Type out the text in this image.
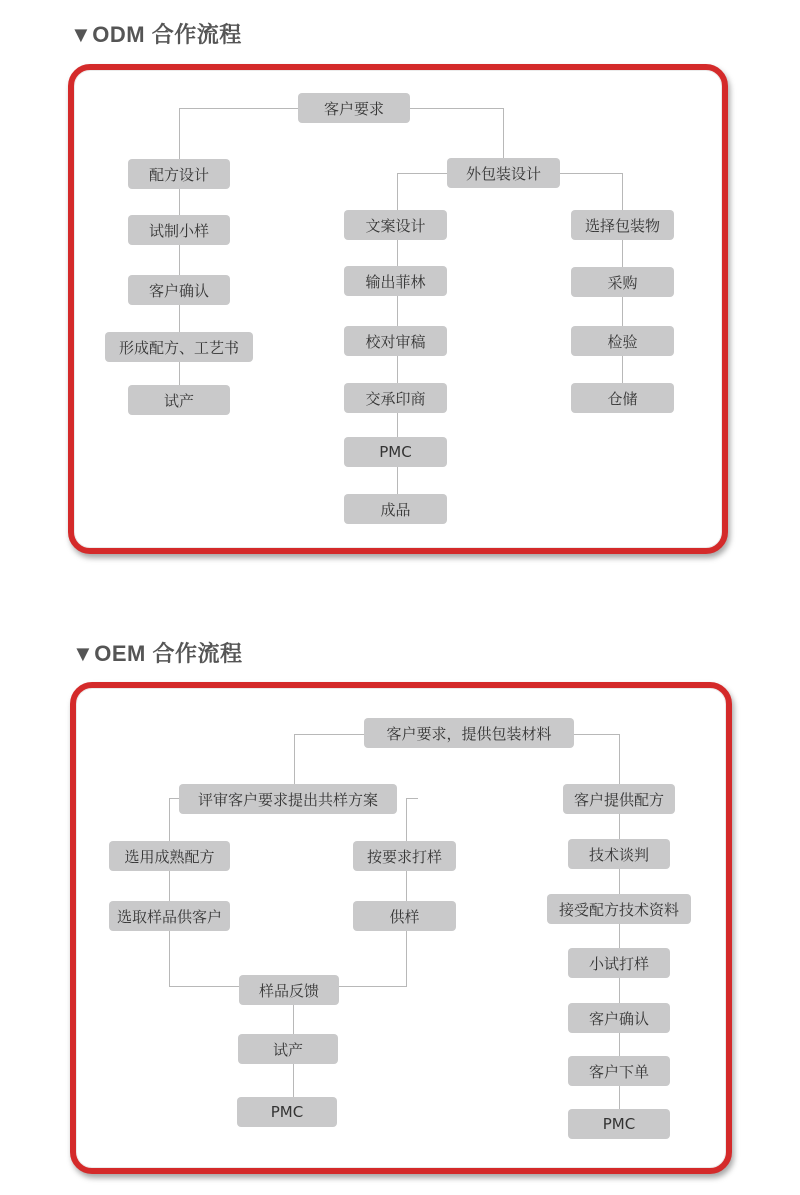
▼ODM 合作流程
客户要求
配方设计
试制小样
客户确认
形成配方、工艺书
试产
外包装设计
文案设计
输出菲林
校对审稿
交承印商
PMC
成品
选择包装物
采购
检验
仓储
▼OEM 合作流程
客户要求，提供包装材料
评审客户要求提出共样方案
选用成熟配方
选取样品供客户
按要求打样
供样
样品反馈
试产
PMC
客户提供配方
技术谈判
接受配方技术资料
小试打样
客户确认
客户下单
PMC
